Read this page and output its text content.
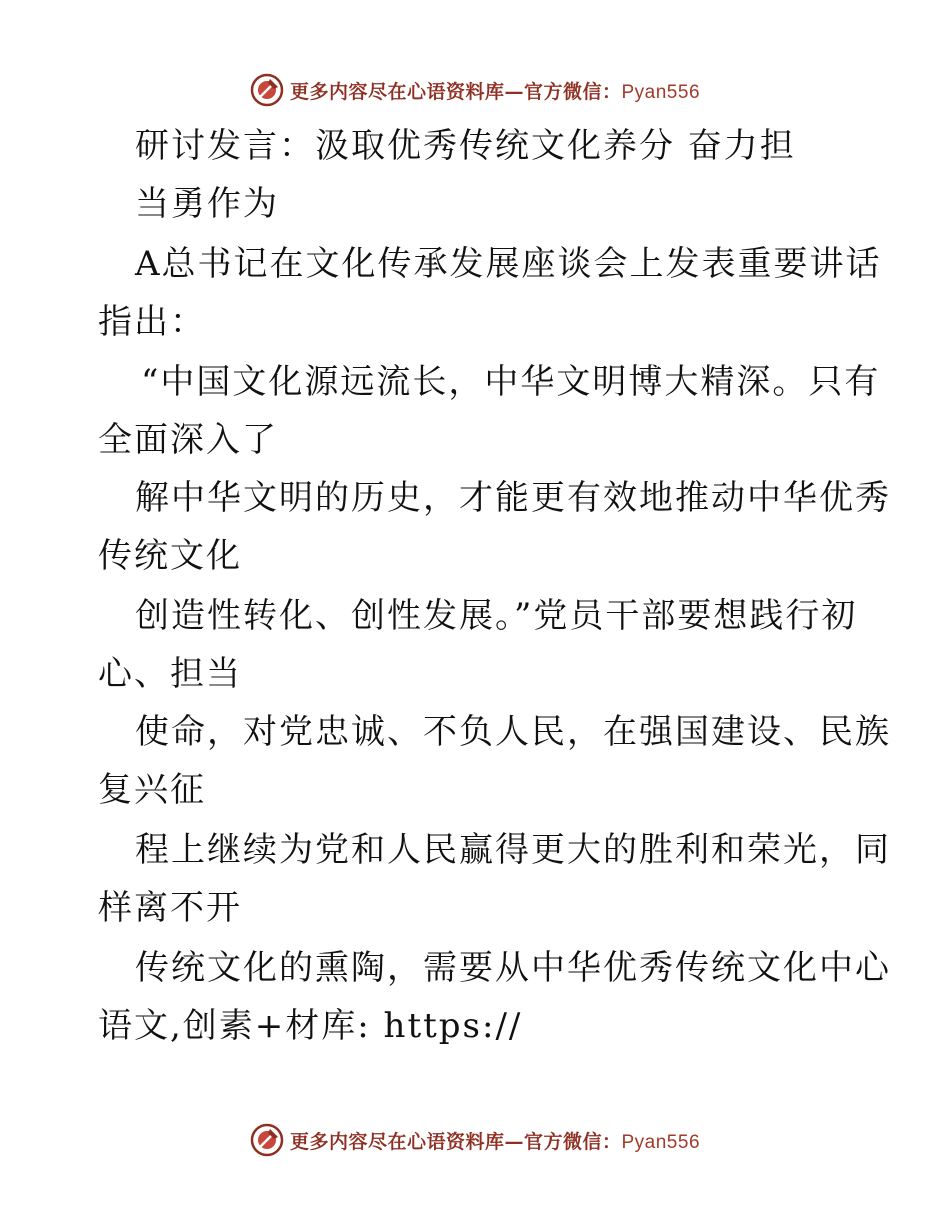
更多内容尽在心语资料库—官方微信：Pyan556
研讨发言：汲取优秀传统文化养分 奋力担
当勇作为
A总书记在文化传承发展座谈会上发表重要讲话
指出：
“中国文化源远流长，中华文明博大精深。只有
全面深入了
解中华文明的历史，才能更有效地推动中华优秀
传统文化
创造性转化、创性发展。”党员干部要想践行初
心、担当
使命，对党忠诚、不负人民，在强国建设、民族
复兴征
程上继续为党和人民赢得更大的胜利和荣光，同
样离不开
传统文化的熏陶，需要从中华优秀传统文化中心
语文,创素+材库: https://
更多内容尽在心语资料库—官方微信：Pyan556
